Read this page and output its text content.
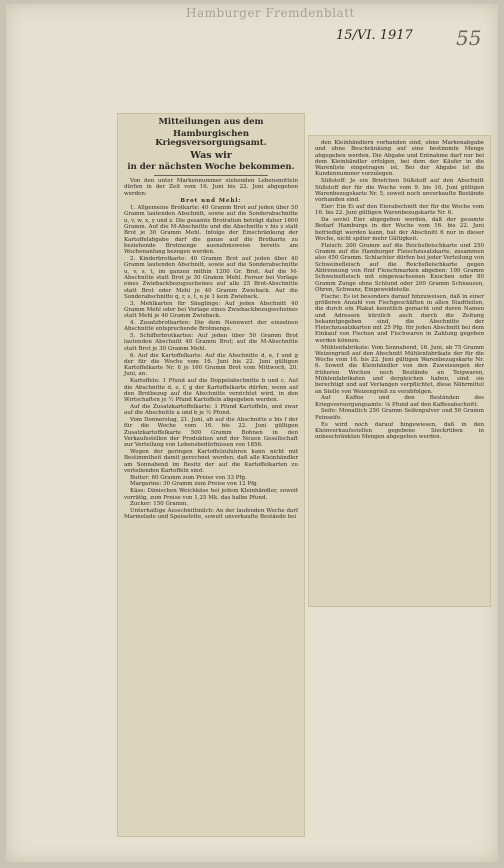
Hamburger Fremdenblatt
15/VI. 1917 55
Mitteilungen aus dem
Hamburgischen Kriegsversorgungsamt.
Was wir
in der nächsten Woche bekommen.

Von den unter Markennummer stehenden Lebensmitteln dürfen in der Zeit vom 16. Juni bis 22. Juni abgegeben werden:

Brot und Mehl:

1. Allgemeine Brotkarte: 40 Gramm Brot auf jeden über 50 Gramm lautenden Abschnitt, sowie auf die Sonderabschnitte u, v, w, x, y und z. Die gesamte Brotration beträgt daher 1600 Gramm. Auf die M-Abschnitte und die Abschnitte v bis z statt Brot je 30 Gramm Mehl. Infolge der Einschränkung der Kartoffelabgabe darf die ganze auf die Brotkarte zu beziehende Brotmenge ausnahmsweise bereits am Wochenanfang bezogen werden.

2. Kinderbrotkarte: 40 Gramm Brot auf jeden über 40 Gramm lautenden Abschnitt, sowie auf die Sonderabschnitte u, v, s, t, im ganzen mithin 1200 Gr. Brot. Auf die M-Abschnitte statt Brot je 30 Gramm Mehl. Ferner bei Vorlage eines Zwiebackbezugsscheines auf alle 25 Brot-Abschnitte statt Brot oder Mehl je 40 Gramm Zwieback. Auf die Sonderabschnitte q, r, s, t, u je 1 kein Zwieback.

3. Mehlkarten für Säuglinge: Auf jeden Abschnitt 40 Gramm Mehl oder bei Vorlage eines Zwiebackbezugsscheines statt Mehl je 40 Gramm Zwieback.

4. Zusatzbrotkarten: Die dem Nennwert der einzelnen Abschnitte entsprechende Brotmenge.

5. Schifferbrotkarten: Auf jeden über 50 Gramm Brot lautenden Abschnitt 40 Gramm Brot; auf die M-Abschnitte statt Brot je 30 Gramm Mehl.

6. Auf die Kartoffelkarte: Auf die Abschnitte d, e, f und g der für die Woche vom 16. Juni bis 22. Juni gültigen Kartoffelkarte Nr. 6 je 160 Gramm Brot vom Mittwoch, 20. Juni, an.

Kartoffeln: 1 Pfund auf die Doppelabschnitte b und c. Auf die Abschnitte d, e, f, g der Kartoffelkarte dürfen, wenn auf den Brotbezug auf die Abschnitte verzichtet wird, in den Wirtschaften je ½ Pfund Kartoffeln abgegeben werden.

Auf die Zusatzkartoffelkarte: 1 Pfund Kartoffeln, und zwar auf die Abschnitte a und b je ½ Pfund.

Vom Donnerstag, 21. Juni, ab auf die Abschnitte e bis f der für die Woche vom 16. bis 22. Juni gültigen Zusatzkartoffelkarte 500 Gramm Bohnen in den Verkaufsstellen der Produktion und der Neuen Gesellschaft zur Verteilung von Lebensbedürfnissen von 1856.

Wegen der geringen Kartoffelzufuhren kann nicht mit Bestimmtheit damit gerechnet werden, daß alle Kleinhändler am Sonnabend im Besitz der auf die Kartoffelkarten zu verteilenden Kartoffeln sind.

Butter: 60 Gramm zum Preise von 33 Pfg.

Margarine: 30 Gramm zum Preise von 12 Pfg.

Käse: Dänischen Weichkäse bei jedem Kleinhändler, soweit vorrätig, zum Preise von 1,25 Mk. das halbe Pfund.

Zucker: 150 Gramm.

Unterhaltige Ausschnittmilch: An der laufenden Woche darf Marmelade und Speisefette, soweit unverkaufte Bestände bei

den Kleinhändlern vorhanden sind, ohne Markenabgabe und ohne Beschränkung auf eine bestimmte Menge abgegeben werden. Die Abgabe und Entnahme darf nur bei dem Kleinhändler erfolgen, bei dem der Käufer in die Warenliste eingetragen ist. Bei der Abgabe ist die Kundennummer vorzulegen.

Süßstoff: Je ein Briefchen Süßstoff auf den Abschnitt Süßstoff der für die Woche vom 9. bis 16. Juni gültigen Warenbezugskarte Nr. 5, soweit noch unverkaufte Bestände vorhanden sind.

Eier: Ein Ei auf den Eierabschnitt der für die Woche vom 16. bis 22. Juni gültigen Warenbezugskarte Nr. 6.

Da soviel Eier abgegeben werden, daß der gesamte Bedarf Hamburgs in der Woche vom 16. bis 22. Juni befriedigt werden kann, hat der Abschnitt 6 nur in dieser Woche, nicht später mehr Gültigkeit.

Fleisch: 200 Gramm auf die Reichsfleischkarte und 250 Gramm auf die Hamburger Fleischzusatzkarte, zusammen also 450 Gramm. Schlachter dürfen bei jeder Verteilung von Schweinefleisch auf die Reichsfleischkarte gegen Abtrennung von fünf Fleischmarken abgeben: 100 Gramm Schweinefleisch mit eingewachsenen Knochen oder 80 Gramm Zunge ohne Schlund oder 200 Gramm Schnauzen, Ohren, Schwanz, Eingeweideteile.

Fische: Es ist besonders darauf hinzuweisen, daß in einer größeren Anzahl von Fischgeschäften in allen Stadtteilen, die durch ein Plakat kenntlich gemacht und deren Namen und Adressen kürzlich auch durch die Zeitung bekanntgegeben sind, die Abschnitte der Fleischzusatzkarten mit 25 Pfg. für jeden Abschnitt bei dem Einkauf von Fischen und Fischwaren in Zahlung gegeben werden können.

Mühlenfabrikate: Vom Sonnabend, 16. Juni, ab 75 Gramm Weizengrieß auf den Abschnitt Mühlenfabrikate der für die Woche vom 16. bis 22. Juni gültigen Warenbezugskarte Nr. 6. Soweit die Kleinhändler von den Zuweisungen der früheren Wochen noch Bestände an Teigwaren, Mühlenfabrikaten und dergleichen haben, sind sie berechtigt und auf Verlangen verpflichtet, diese Nährmittel an Stelle von Weizengrieß zu verabfolgen.

Auf Kaffee und den Beständen des Kriegsversorgungsamts: ⅛ Pfund auf den Kaffeeabschnitt.

Seife: Monatlich 250 Gramm Seifenpulver und 50 Gramm Feinseife.

Es wird noch darauf hingewiesen, daß in den Kleinverkaufsstellen gegebene Sieckrüben in unbeschränkten Mengen abgegeben werden.
